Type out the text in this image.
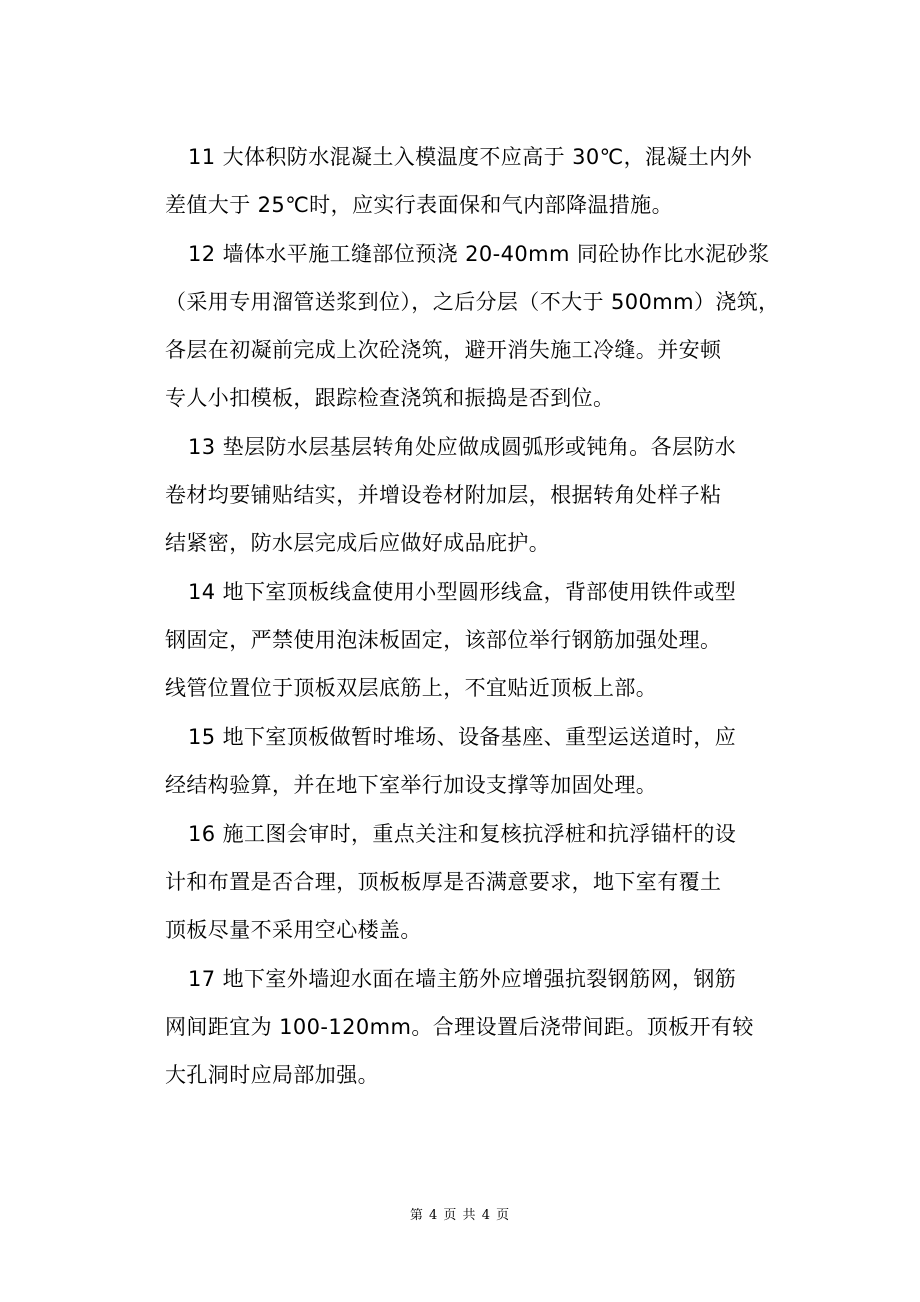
11 大体积防水混凝土入模温度不应高于 30℃，混凝土内外
差值大于 25℃时，应实行表面保和气内部降温措施。
12 墙体水平施工缝部位预浇 20-40mm 同砼协作比水泥砂浆
（采用专用溜管送浆到位），之后分层（不大于 500mm）浇筑，
各层在初凝前完成上次砼浇筑，避开消失施工冷缝。并安顿
专人小扣模板，跟踪检查浇筑和振捣是否到位。
13 垫层防水层基层转角处应做成圆弧形或钝角。各层防水
卷材均要铺贴结实，并增设卷材附加层，根据转角处样子粘
结紧密，防水层完成后应做好成品庇护。
14 地下室顶板线盒使用小型圆形线盒，背部使用铁件或型
钢固定，严禁使用泡沫板固定，该部位举行钢筋加强处理。
线管位置位于顶板双层底筋上，不宜贴近顶板上部。
15 地下室顶板做暂时堆场、设备基座、重型运送道时，应
经结构验算，并在地下室举行加设支撑等加固处理。
16 施工图会审时，重点关注和复核抗浮桩和抗浮锚杆的设
计和布置是否合理，顶板板厚是否满意要求，地下室有覆土
顶板尽量不采用空心楼盖。
17 地下室外墙迎水面在墙主筋外应增强抗裂钢筋网，钢筋
网间距宜为 100-120mm。合理设置后浇带间距。顶板开有较
大孔洞时应局部加强。
第 4 页 共 4 页
